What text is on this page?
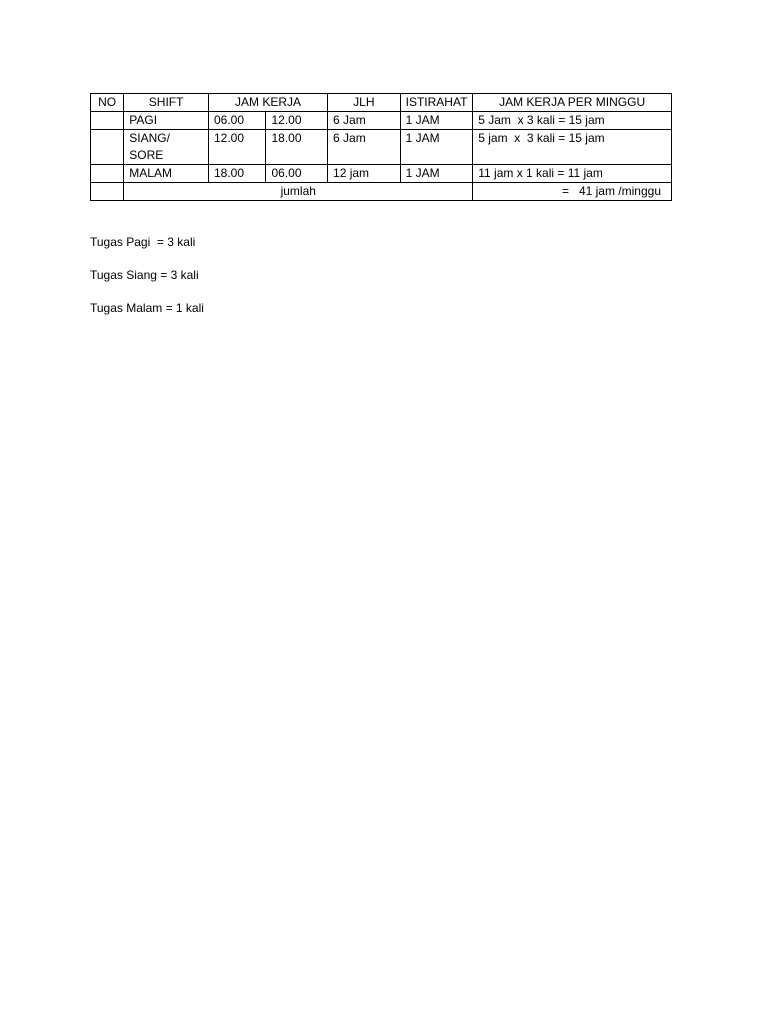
NO	SHIFT	JAM KERJA		JLH	ISTIRAHAT	JAM KERJA PER MINGGU
	PAGI	06.00	12.00	6 Jam	1 JAM	5 Jam  x 3 kali = 15 jam
	SIANG/ SORE	12.00	18.00	6 Jam	1 JAM	5 jam  x  3 kali = 15 jam
	MALAM	18.00	06.00	12 jam	1 JAM	11 jam x 1 kali = 11 jam
	jumlah					=   41 jam /minggu

Tugas Pagi  = 3 kali

Tugas Siang = 3 kali

Tugas Malam = 1 kali
